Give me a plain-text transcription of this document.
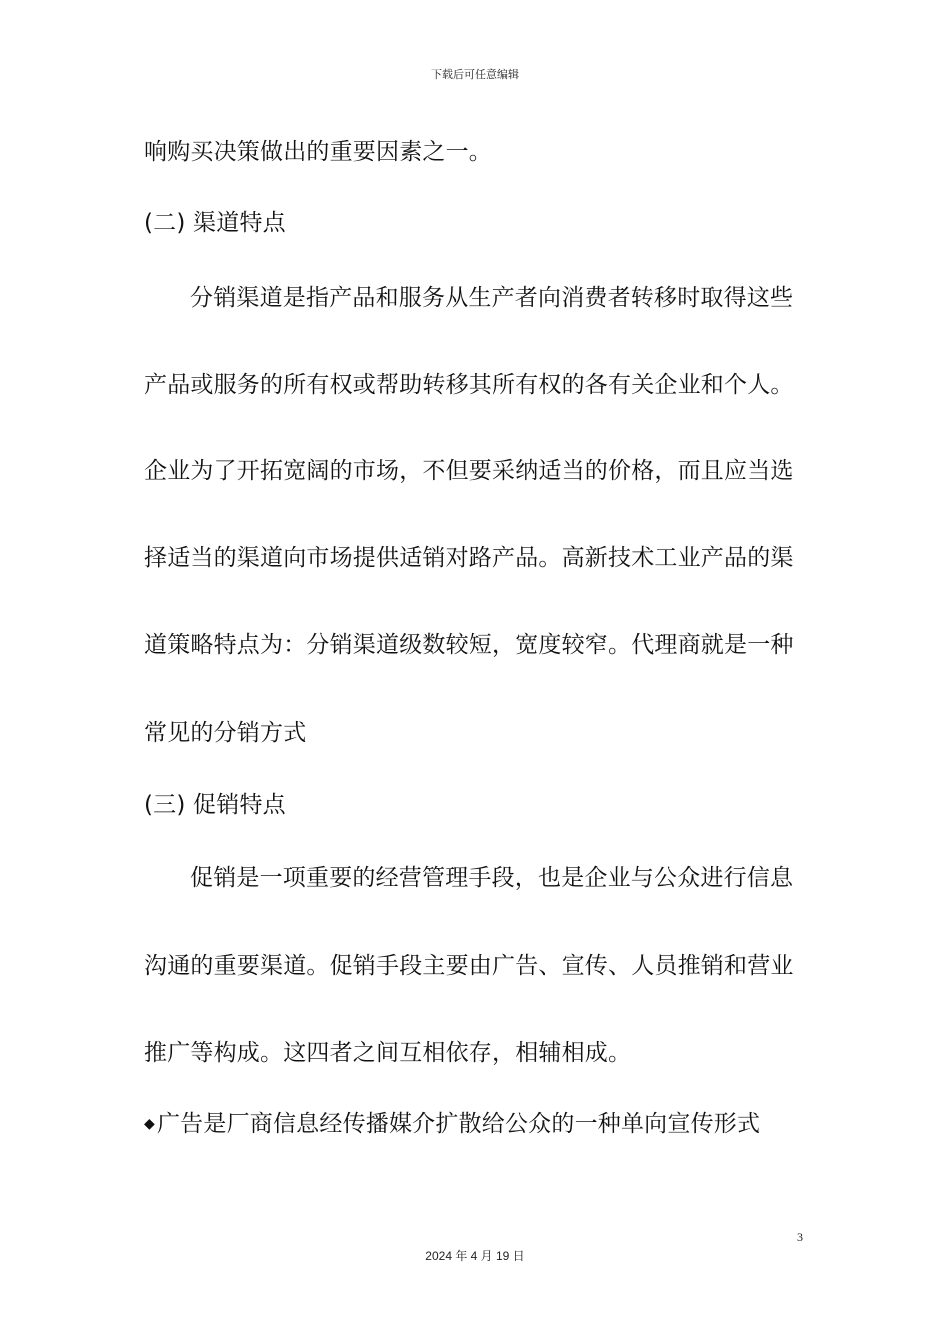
下载后可任意编辑
响购买决策做出的重要因素之一。
(二) 渠道特点
分销渠道是指产品和服务从生产者向消费者转移时取得这些
产品或服务的所有权或帮助转移其所有权的各有关企业和个人。
企业为了开拓宽阔的市场，不但要采纳适当的价格，而且应当选
择适当的渠道向市场提供适销对路产品。高新技术工业产品的渠
道策略特点为：分销渠道级数较短，宽度较窄。代理商就是一种
常见的分销方式
(三) 促销特点
促销是一项重要的经营管理手段，也是企业与公众进行信息
沟通的重要渠道。促销手段主要由广告、宣传、人员推销和营业
推广等构成。这四者之间互相依存，相辅相成。
◆广告是厂商信息经传播媒介扩散给公众的一种单向宣传形式
3
2024 年 4 月 19 日
